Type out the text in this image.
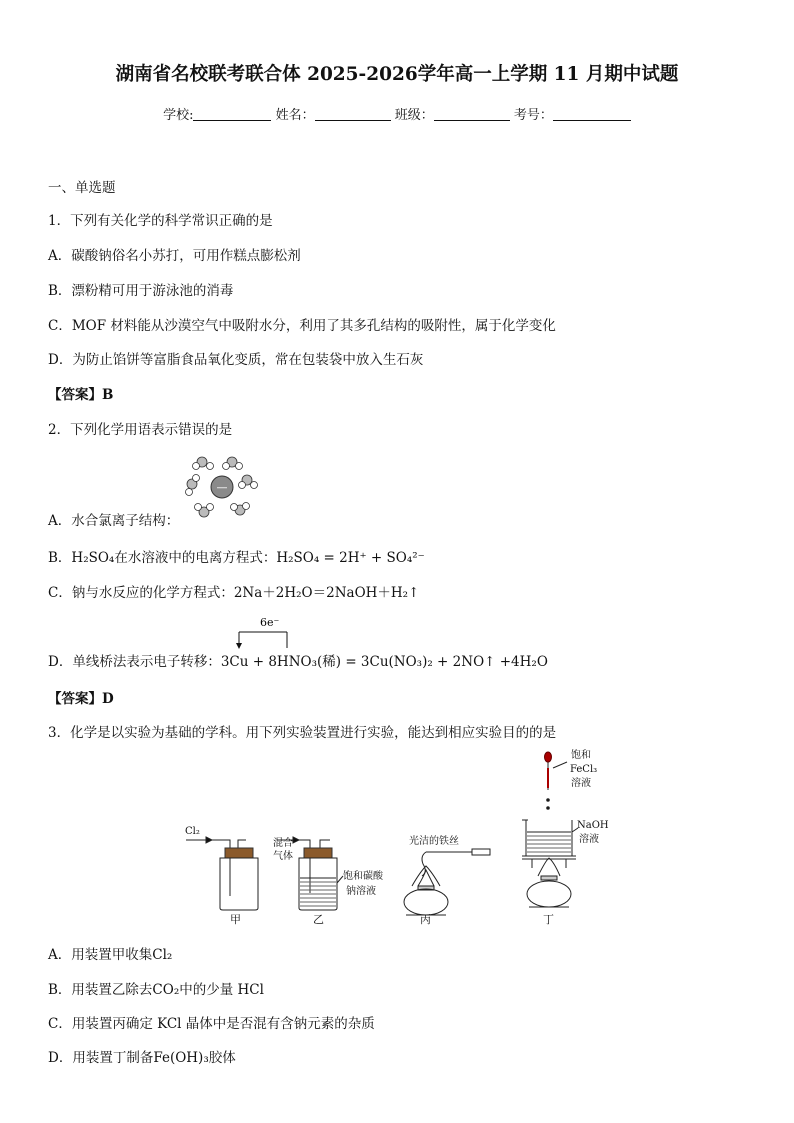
湖南省名校联考联合体 2025-2026学年高一上学期 11 月期中试题
学校:	姓名：	班级：	考号：
一、单选题
1．下列有关化学的科学常识正确的是
A．碳酸钠俗名小苏打，可用作糕点膨松剂
B．漂粉精可用于游泳池的消毒
C．MOF 材料能从沙漠空气中吸附水分，利用了其多孔结构的吸附性，属于化学变化
D．为防止馅饼等富脂食品氧化变质，常在包装袋中放入生石灰
【答案】B
2．下列化学用语表示错误的是
—
A．水合氯离子结构：
B．H₂SO₄在水溶液中的电离方程式：H₂SO₄ = 2H⁺ + SO₄²⁻
C．钠与水反应的化学方程式：2Na＋2H₂O＝2NaOH＋H₂↑
6e⁻
D．单线桥法表示电子转移：3Cu + 8HNO₃(稀) = 3Cu(NO₃)₂ + 2NO↑ +4H₂O
【答案】D
3．化学是以实验为基础的学科。用下列实验装置进行实验，能达到相应实验目的的是
Cl₂
甲
混合
气体
饱和碳酸
钠溶液
乙
光洁的铁丝
丙
饱和
FeCl₃
溶液
NaOH
溶液
丁
A．用装置甲收集Cl₂
B．用装置乙除去CO₂中的少量 HCl
C．用装置丙确定 KCl 晶体中是否混有含钠元素的杂质
D．用装置丁制备Fe(OH)₃胶体
